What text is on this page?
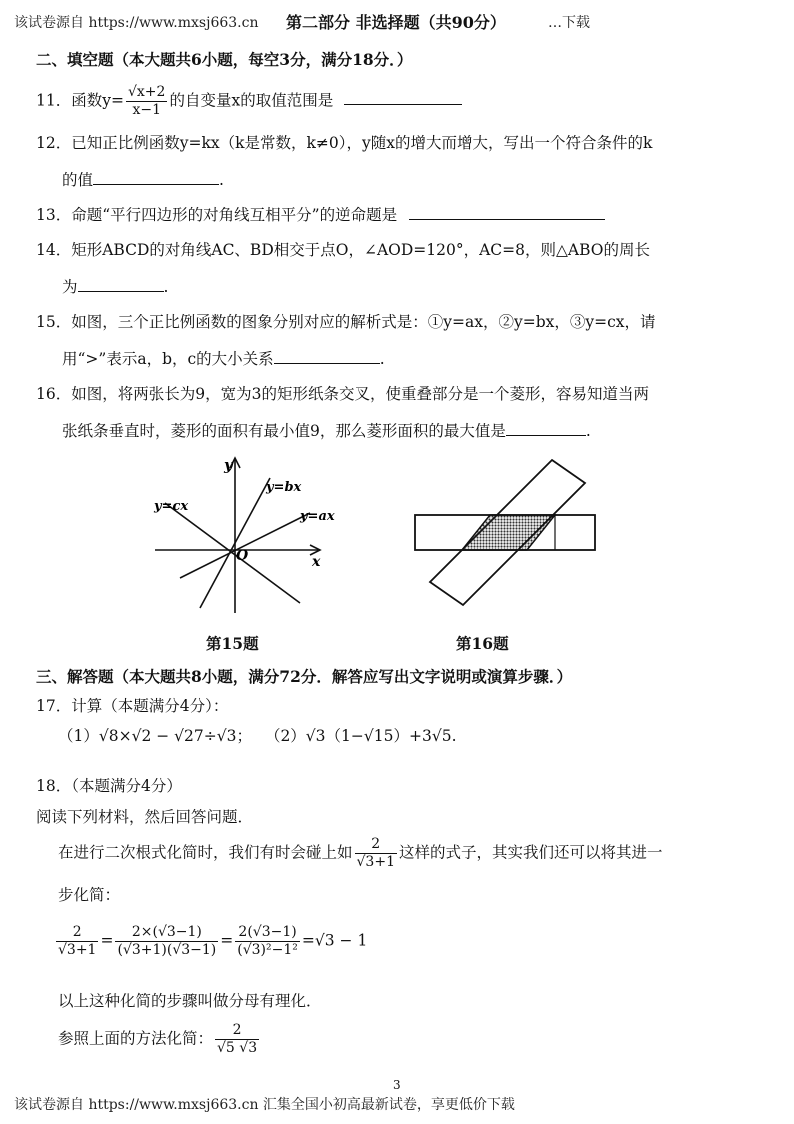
该试卷源自 https://www.mxsj663.cn 第二部分 非选择题（共90分）	…下载
二、填空题（本大题共6小题，每空3分，满分18分．）
11．函数$y= \frac{√x+2}{x-1}$ 的自变量x的取值范围是
12．已知正比例函数y=kx（k是常数，k≠0），y随x的增大而增大，写出一个符合条件的k
的值	.
13．命题“平行四边形的对角线互相平分”的逆命题是
14．矩形ABCD的对角线AC、BD相交于点O，∠AOD=120°，AC=8，则△ABO的周长
为	.
15．如图，三个正比例函数的图象分别对应的解析式是：①y=ax，②y=bx，③y=cx，请
用“>”表示a，b，c的大小关系	.
16．如图，将两张长为9，宽为3的矩形纸条交叉，使重叠部分是一个菱形，容易知道当两
张纸条垂直时，菱形的面积有最小值9，那么菱形面积的最大值是	.
y
x
O
y=cx
y=bx
y=ax
第15题	第16题
三、解答题（本大题共8小题，满分72分．解答应写出文字说明或演算步骤．）
17．计算（本题满分4分）：
（1）√8×√2 − √27÷√3； （2）√3（1−√15）+3√5.
18．（本题满分4分）
阅读下列材料，然后回答问题．
在进行二次根式化简时，我们有时会碰上如 $\frac{2}{√3+1}$ 这样的式子，其实我们还可以将其进一
步化简：
$\frac{2}{√3+1} = \frac{2\times(√3-1)}{(√3+1)(√3-1)} = \frac{2(√3-1)}{\text{(√3)²−1²}} =√3 - 1$
以上这种化简的步骤叫做分母有理化．
参照上面的方法化简： $\frac{2}{√5 √3}$
该试卷源自 https://www.mxsj663.cn 汇集全国小初高最新试卷，享更低价下载
3
